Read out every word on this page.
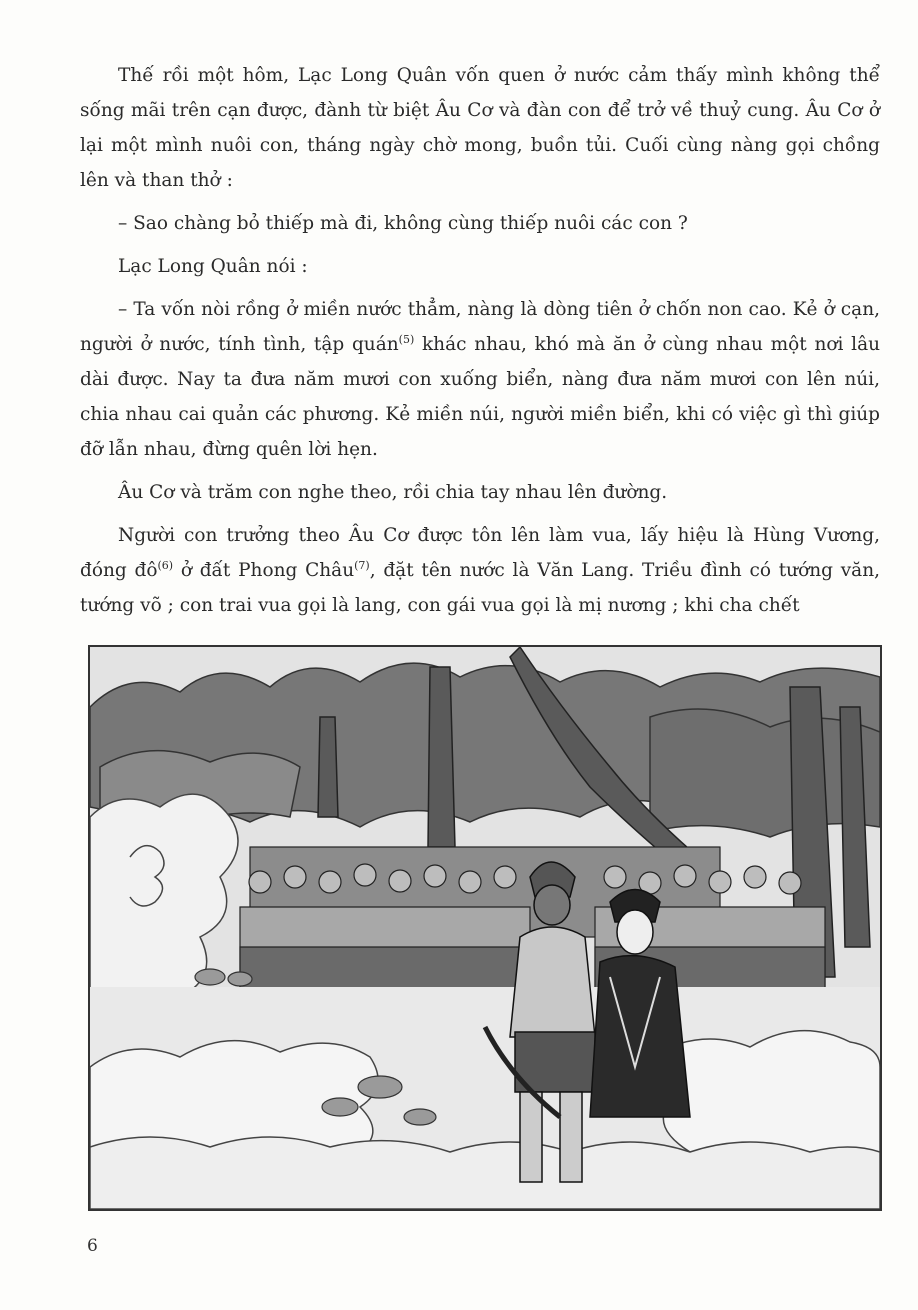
Thế rồi một hôm, Lạc Long Quân vốn quen ở nước cảm thấy mình không thể sống mãi trên cạn được, đành từ biệt Âu Cơ và đàn con để trở về thuỷ cung. Âu Cơ ở lại một mình nuôi con, tháng ngày chờ mong, buồn tủi. Cuối cùng nàng gọi chồng lên và than thở :

– Sao chàng bỏ thiếp mà đi, không cùng thiếp nuôi các con ?

Lạc Long Quân nói :

– Ta vốn nòi rồng ở miền nước thẳm, nàng là dòng tiên ở chốn non cao. Kẻ ở cạn, người ở nước, tính tình, tập quán$^{(5)}$ khác nhau, khó mà ăn ở cùng nhau một nơi lâu dài được. Nay ta đưa năm mươi con xuống biển, nàng đưa năm mươi con lên núi, chia nhau cai quản các phương. Kẻ miền núi, người miền biển, khi có việc gì thì giúp đỡ lẫn nhau, đừng quên lời hẹn.

Âu Cơ và trăm con nghe theo, rồi chia tay nhau lên đường.

Người con trưởng theo Âu Cơ được tôn lên làm vua, lấy hiệu là Hùng Vương, đóng $đô^{(6)}$ ở đất Phong Châu$^{(7)}$, đặt tên nước là Văn Lang. Triều đình có tướng văn, tướng võ ; con trai vua gọi là lang, con gái vua gọi là mị nương ; khi cha chết

6
